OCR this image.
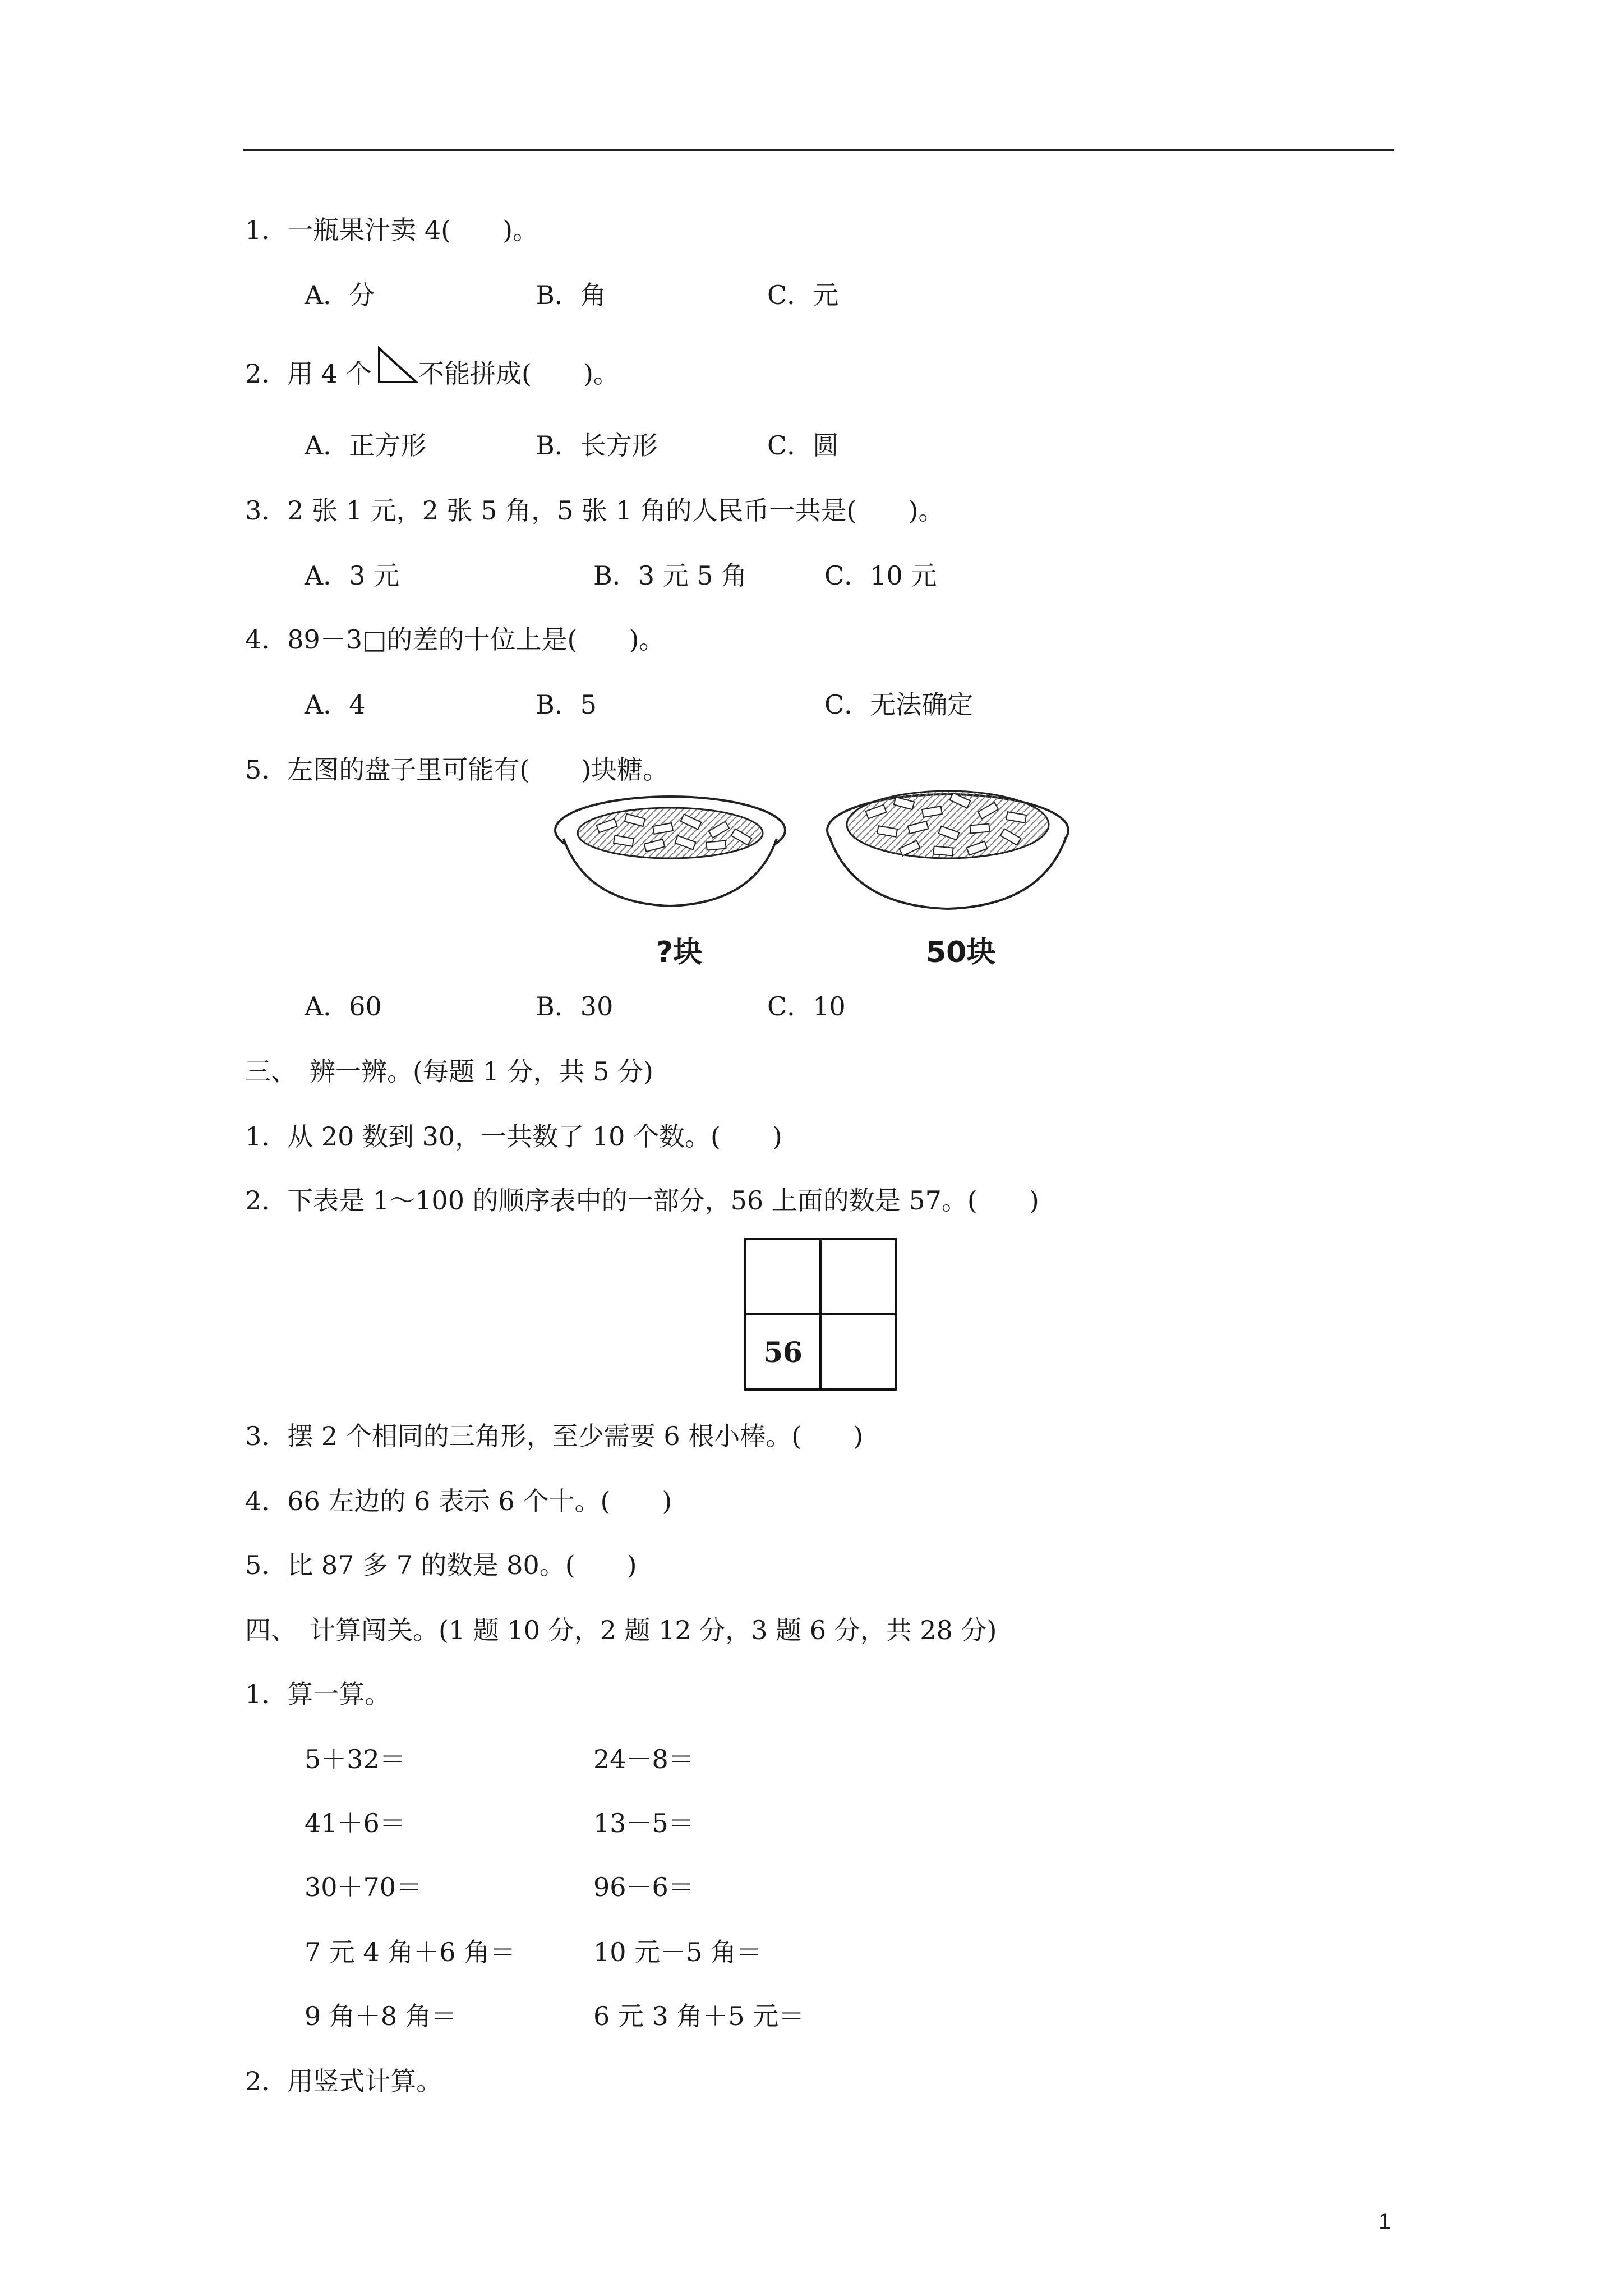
1．一瓶果汁卖 4(　　)。
A．分	B．角	C．元
2．用 4 个 不能拼成(　　)。
A．正方形	B．长方形	C．圆
3．2 张 1 元，2 张 5 角，5 张 1 角的人民币一共是(　　)。
A．3 元	B．3 元 5 角	C．10 元
4．89－3□的差的十位上是(　　)。
A．4	B．5	C．无法确定
5．左图的盘子里可能有(　　)块糖。
?块	50块
A．60	B．30	C．10
三、　辨一辨。(每题 1 分，共 5 分)
1．从 20 数到 30，一共数了 10 个数。(　　)
2．下表是 1～100 的顺序表中的一部分，56 上面的数是 57。(　　)

56	
3．摆 2 个相同的三角形，至少需要 6 根小棒。(　　)
4．66 左边的 6 表示 6 个十。(　　)
5．比 87 多 7 的数是 80。(　　)
四、　计算闯关。(1 题 10 分，2 题 12 分，3 题 6 分，共 28 分)
1．算一算。
5＋32＝	24－8＝
41＋6＝	13－5＝
30＋70＝	96－6＝
7 元 4 角＋6 角＝	10 元－5 角＝
9 角＋8 角＝	6 元 3 角＋5 元＝
2．用竖式计算。
1
